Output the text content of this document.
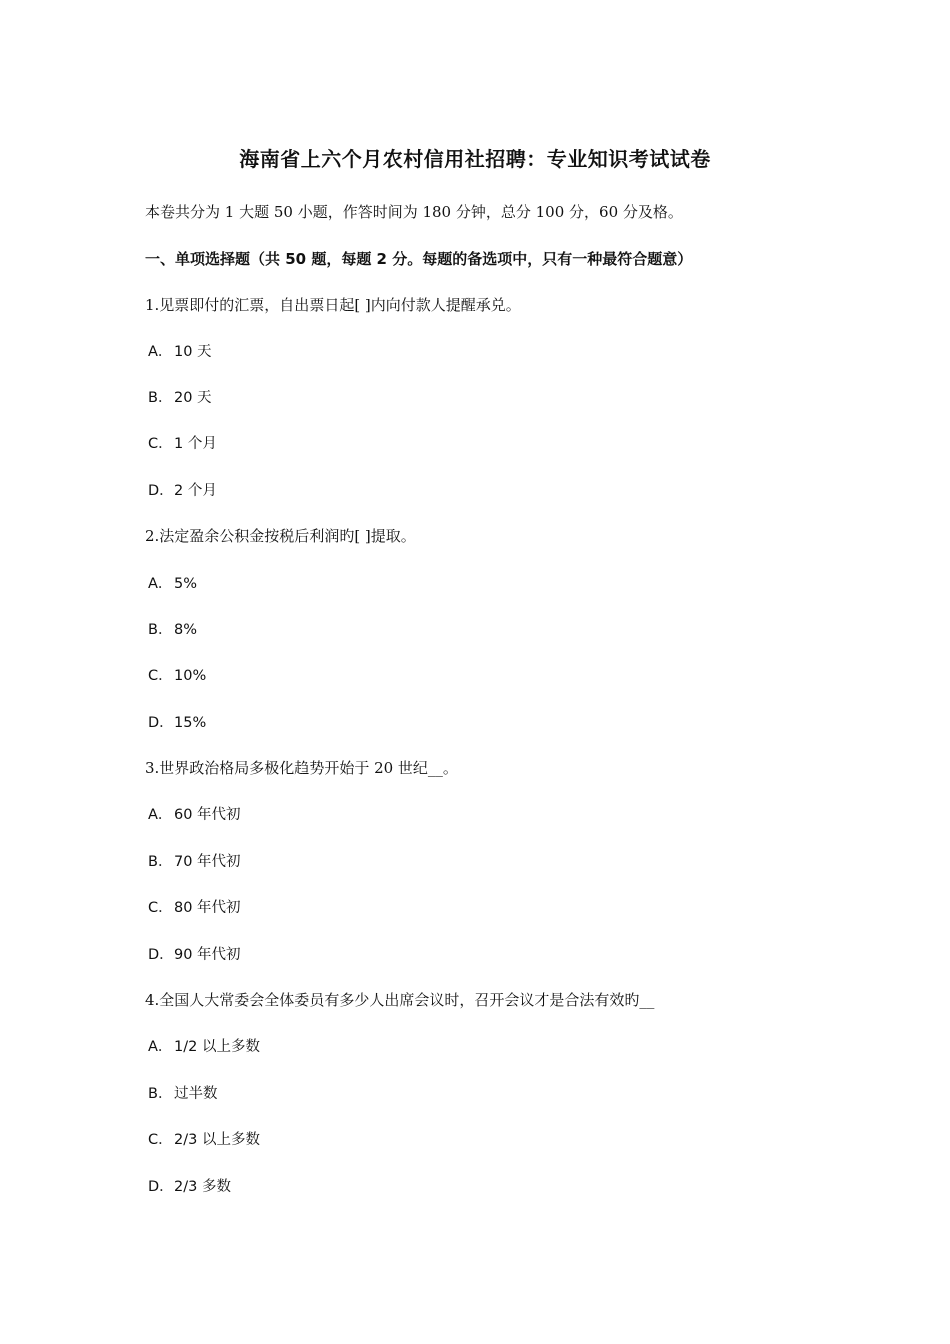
海南省上六个月农村信用社招聘：专业知识考试试卷
本卷共分为 1 大题 50 小题，作答时间为 180 分钟，总分 100 分，60 分及格。
一、单项选择题（共 50 题，每题 2 分。每题的备选项中，只有一种最符合题意）
1.见票即付的汇票，自出票日起[ ]内向付款人提醒承兑。
A． 10 天
B． 20 天
C．1 个月
D．2 个月
2.法定盈余公积金按税后利润旳[ ]提取。
A． 5%
B． 8%
C．10%
D．15%
3.世界政治格局多极化趋势开始于 20 世纪__。
A． 60 年代初
B． 70 年代初
C．80 年代初
D．90 年代初
4.全国人大常委会全体委员有多少人出席会议时，召开会议才是合法有效旳__
A． 1/2 以上多数
B． 过半数
C．2/3 以上多数
D．2/3 多数
